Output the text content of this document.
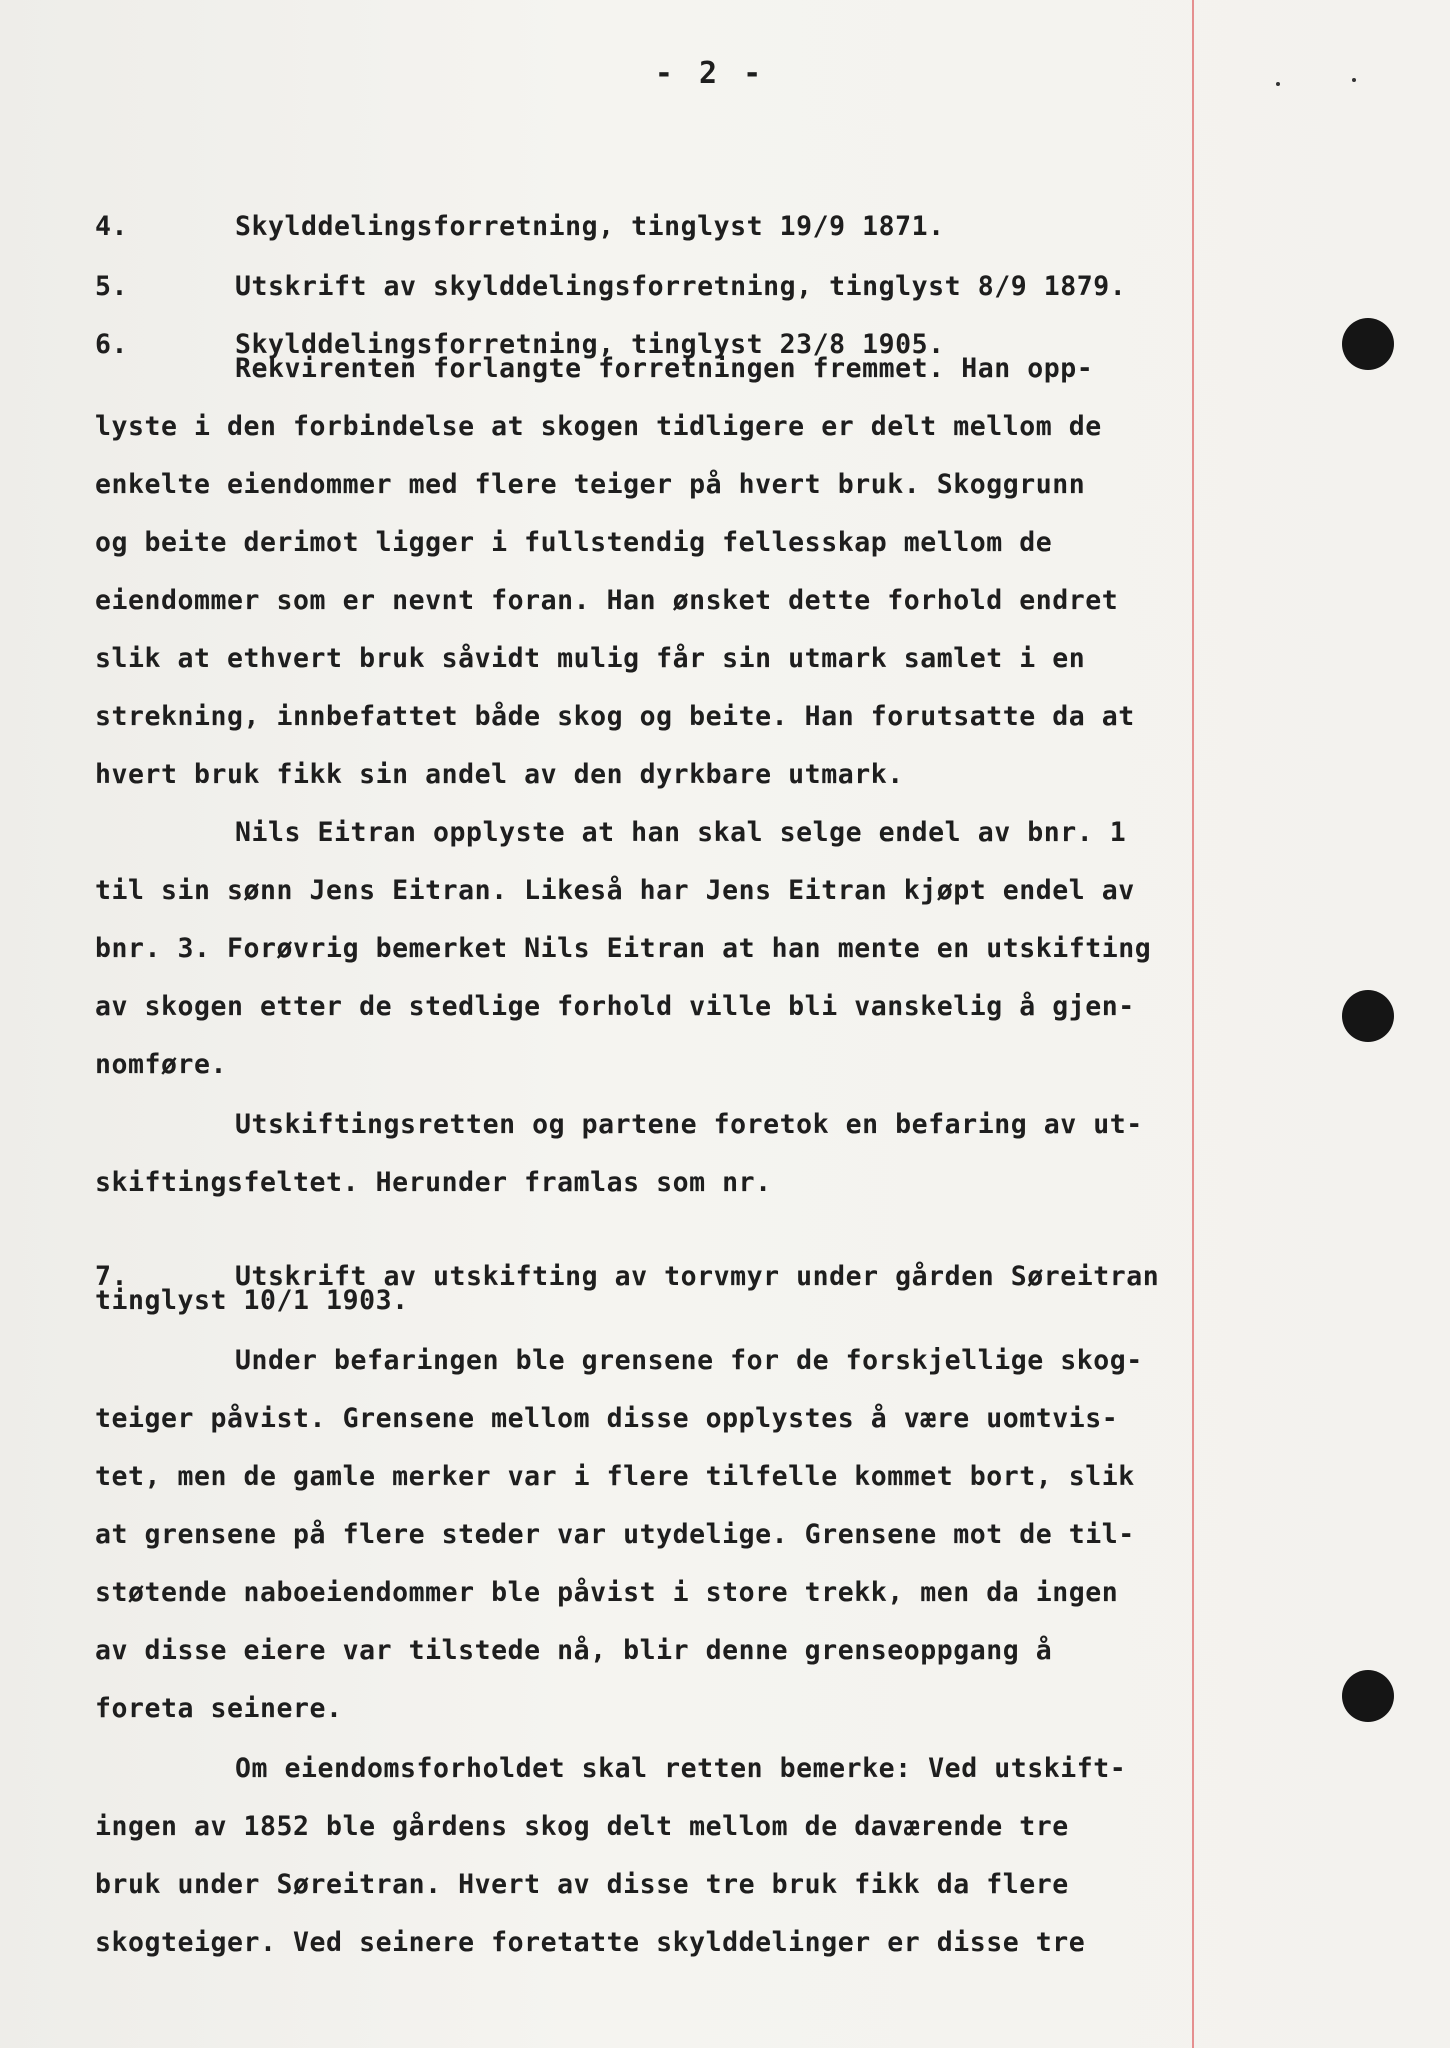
- 2 -

4.	Skylddelingsforretning, tinglyst 19/9 1871.

5.	Utskrift av skylddelingsforretning, tinglyst 8/9 1879.

6.	Skylddelingsforretning, tinglyst 23/8 1905.

Rekvirenten forlangte forretningen fremmet. Han opp-
lyste i den forbindelse at skogen tidligere er delt mellom de
enkelte eiendommer med flere teiger på hvert bruk. Skoggrunn
og beite derimot ligger i fullstendig fellesskap mellom de
eiendommer som er nevnt foran. Han ønsket dette forhold endret
slik at ethvert bruk såvidt mulig får sin utmark samlet i en
strekning, innbefattet både skog og beite. Han forutsatte da at
hvert bruk fikk sin andel av den dyrkbare utmark.
Nils Eitran opplyste at han skal selge endel av bnr. 1
til sin sønn Jens Eitran. Likeså har Jens Eitran kjøpt endel av
bnr. 3. Forøvrig bemerket Nils Eitran at han mente en utskifting
av skogen etter de stedlige forhold ville bli vanskelig å gjen-
nomføre.
Utskiftingsretten og partene foretok en befaring av ut-
skiftingsfeltet. Herunder framlas som nr.

7.	Utskrift av utskifting av torvmyr under gården Søreitran

tinglyst 10/1 1903.
Under befaringen ble grensene for de forskjellige skog-
teiger påvist. Grensene mellom disse opplystes å være uomtvis-
tet, men de gamle merker var i flere tilfelle kommet bort, slik
at grensene på flere steder var utydelige. Grensene mot de til-
støtende naboeiendommer ble påvist i store trekk, men da ingen
av disse eiere var tilstede nå, blir denne grenseoppgang å
foreta seinere.
Om eiendomsforholdet skal retten bemerke: Ved utskift-
ingen av 1852 ble gårdens skog delt mellom de daværende tre
bruk under Søreitran. Hvert av disse tre bruk fikk da flere
skogteiger. Ved seinere foretatte skylddelinger er disse tre
